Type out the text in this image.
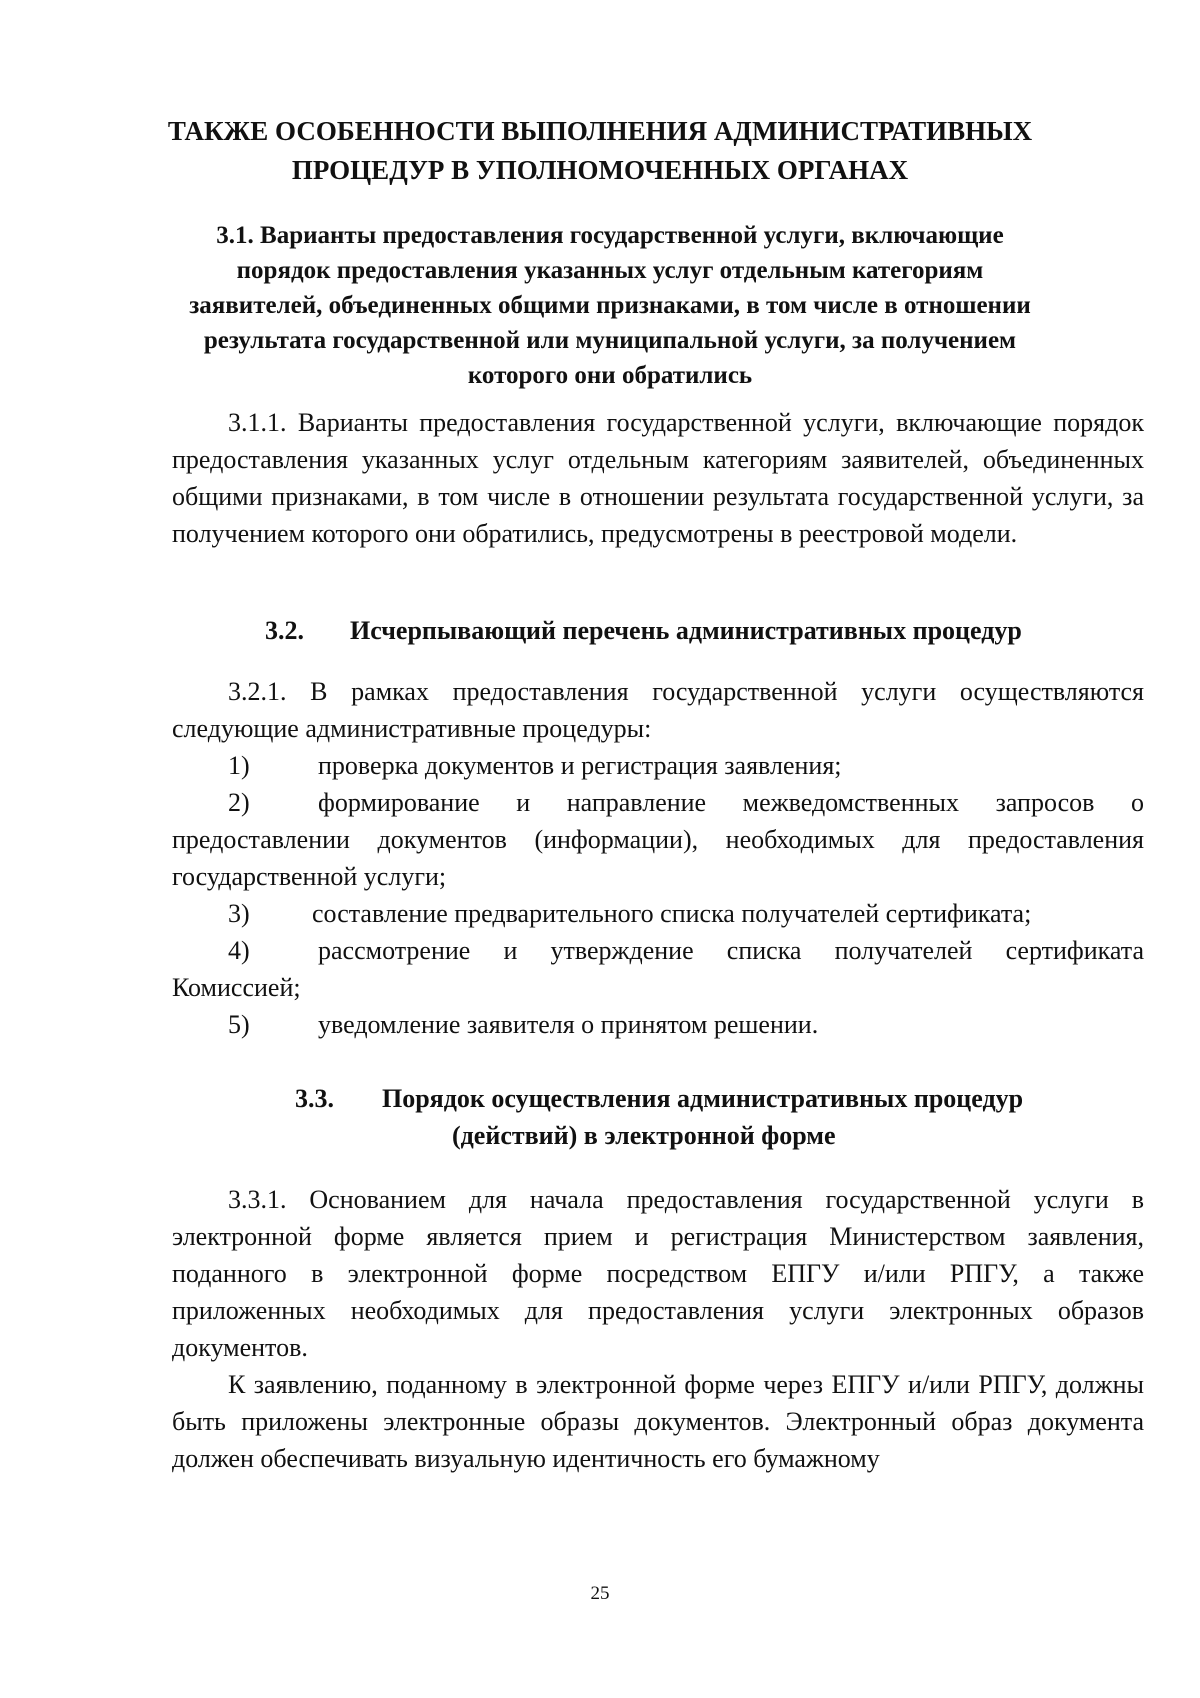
ТАКЖЕ ОСОБЕННОСТИ ВЫПОЛНЕНИЯ АДМИНИСТРАТИВНЫХ ПРОЦЕДУР В УПОЛНОМОЧЕННЫХ ОРГАНАХ
3.1. Варианты предоставления государственной услуги, включающие порядок предоставления указанных услуг отдельным категориям заявителей, объединенных общими признаками, в том числе в отношении результата государственной или муниципальной услуги, за получением которого они обратились

3.1.1. Варианты предоставления государственной услуги, включающие порядок предоставления указанных услуг отдельным категориям заявителей, объединенных общими признаками, в том числе в отношении результата государственной услуги, за получением которого они обратились, предусмотрены в реестровой модели.

3.2. Исчерпывающий перечень административных процедур

3.2.1. В рамках предоставления государственной услуги осуществляются следующие административные процедуры:

1)	проверка документов и регистрация заявления;
2)	формирование и направление межведомственных запросов о
предоставлении документов (информации), необходимых для предоставления государственной услуги;
3)	составление предварительного списка получателей сертификата;
4)	рассмотрение и утверждение списка получателей сертификата
Комиссией;
5)	уведомление заявителя о принятом решении.
3.3. Порядок осуществления административных процедур
(действий) в электронной форме

3.3.1. Основанием для начала предоставления государственной услуги в электронной форме является прием и регистрация Министерством заявления, поданного в электронной форме посредством ЕПГУ и/или РПГУ, а также приложенных необходимых для предоставления услуги электронных образов документов.

К заявлению, поданному в электронной форме через ЕПГУ и/или РПГУ, должны быть приложены электронные образы документов. Электронный образ документа должен обеспечивать визуальную идентичность его бумажному

25
